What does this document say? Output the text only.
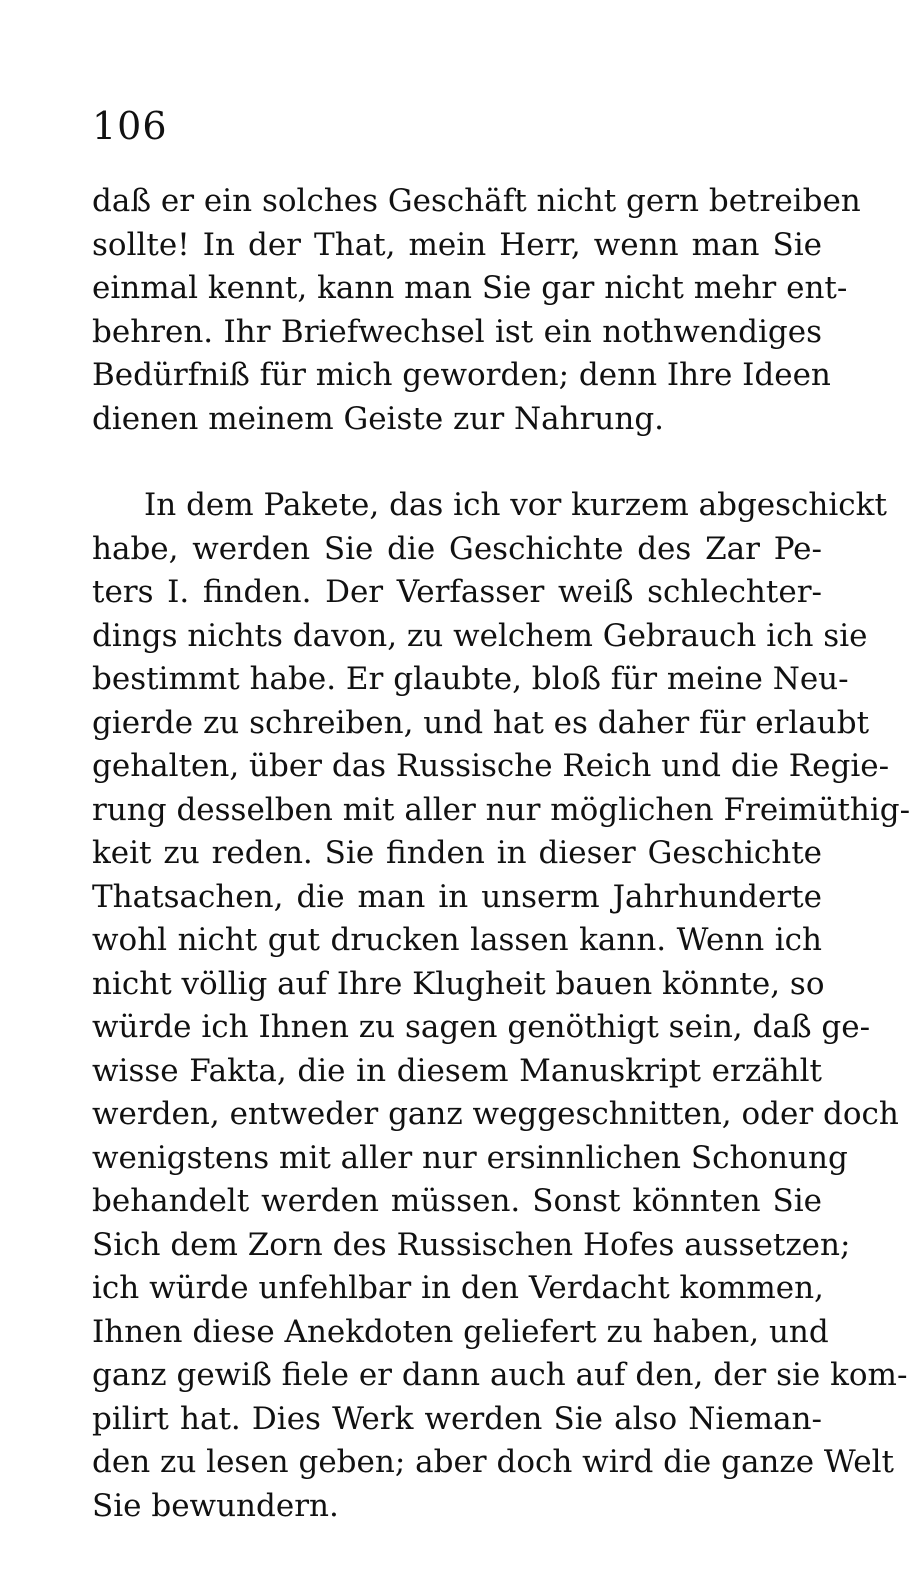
106
daß er ein solches Geschäft nicht gern betreiben
sollte! In der That, mein Herr, wenn man Sie
einmal kennt, kann man Sie gar nicht mehr ent-
behren. Ihr Briefwechsel ist ein nothwendiges
Bedürfniß für mich geworden; denn Ihre Ideen
dienen meinem Geiste zur Nahrung.
In dem Pakete, das ich vor kurzem abgeschickt
habe, werden Sie die Geschichte des Zar Pe-
ters I. finden. Der Verfasser weiß schlechter-
dings nichts davon, zu welchem Gebrauch ich sie
bestimmt habe. Er glaubte, bloß für meine Neu-
gierde zu schreiben, und hat es daher für erlaubt
gehalten, über das Russische Reich und die Regie-
rung desselben mit aller nur möglichen Freimüthig-
keit zu reden. Sie finden in dieser Geschichte
Thatsachen, die man in unserm Jahrhunderte
wohl nicht gut drucken lassen kann. Wenn ich
nicht völlig auf Ihre Klugheit bauen könnte, so
würde ich Ihnen zu sagen genöthigt sein, daß ge-
wisse Fakta, die in diesem Manuskript erzählt
werden, entweder ganz weggeschnitten, oder doch
wenigstens mit aller nur ersinnlichen Schonung
behandelt werden müssen. Sonst könnten Sie
Sich dem Zorn des Russischen Hofes aussetzen;
ich würde unfehlbar in den Verdacht kommen,
Ihnen diese Anekdoten geliefert zu haben, und
ganz gewiß fiele er dann auch auf den, der sie kom-
pilirt hat. Dies Werk werden Sie also Nieman-
den zu lesen geben; aber doch wird die ganze Welt
Sie bewundern.
